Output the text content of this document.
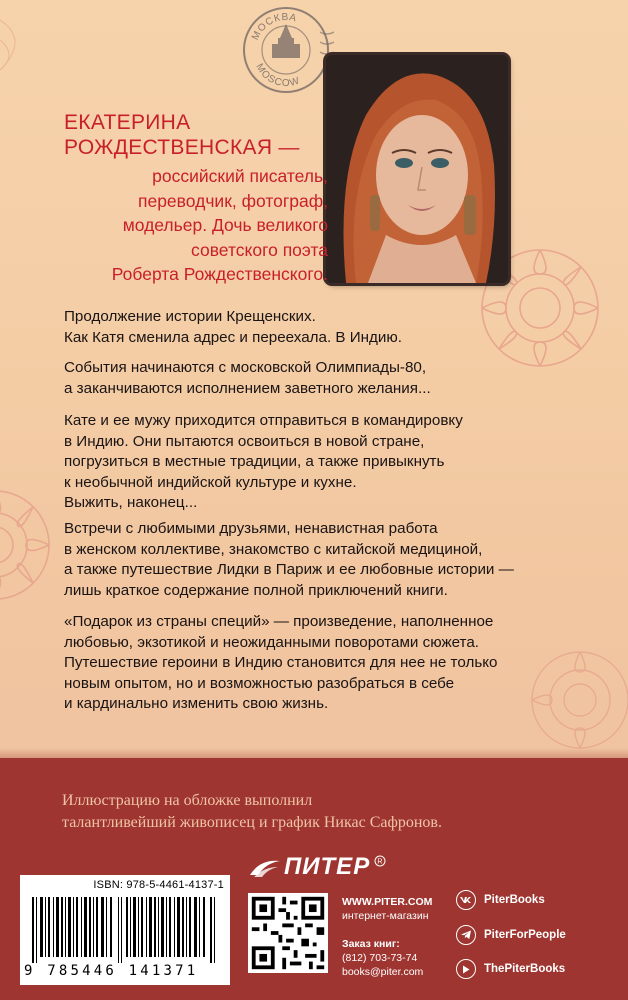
МОСКВА
MOSCOW
ЕКАТЕРИНА
РОЖДЕСТВЕНСКАЯ —
российский писатель,
переводчик, фотограф,
модельер. Дочь великого
советского поэта
Роберта Рождественского.
Продолжение истории Крещенских.
Как Катя сменила адрес и переехала. В Индию.
События начинаются с московской Олимпиады-80,
а заканчиваются исполнением заветного желания...
Кате и ее мужу приходится отправиться в командировку
в Индию. Они пытаются освоиться в новой стране,
погрузиться в местные традиции, а также привыкнуть
к необычной индийской культуре и кухне.
Выжить, наконец...
Встречи с любимыми друзьями, ненавистная работа
в женском коллективе, знакомство с китайской медициной,
а также путешествие Лидки в Париж и ее любовные истории —
лишь краткое содержание полной приключений книги.
«Подарок из страны специй» — произведение, наполненное
любовью, экзотикой и неожиданными поворотами сюжета.
Путешествие героини в Индию становится для нее не только
новым опытом, но и возможностью разобраться в себе
и кардинально изменить свою жизнь.
Иллюстрацию на обложке выполнил
талантливейший живописец и график Никас Сафронов.
ISBN: 978-5-4461-4137-1
9 785446 141371
ПИТЕР R
WWW.PITER.COM
интернет-магазин
Заказ книг:
(812) 703-73-74
books@piter.com
PiterBooks
PiterForPeople
ThePiterBooks
